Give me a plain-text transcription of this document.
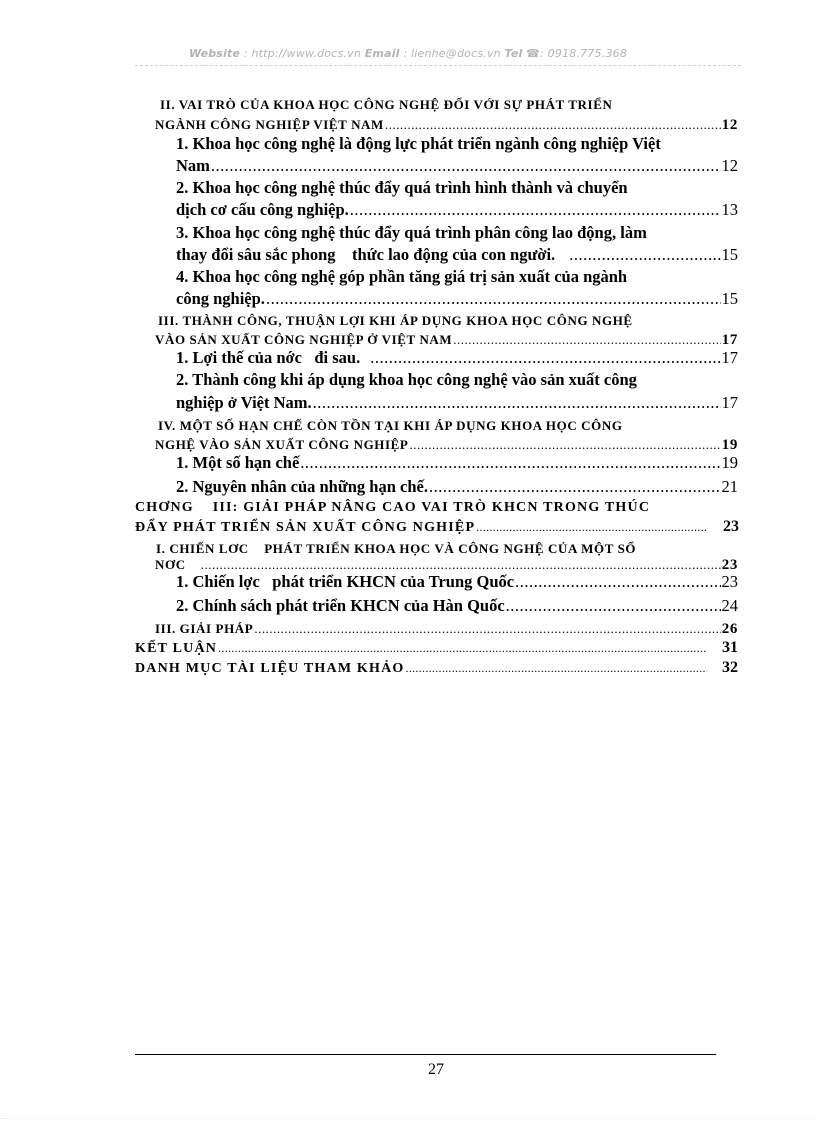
Website : http://www.docs.vn Email : lienhe@docs.vn Tel ☎: 0918.775.368
II. VAI TRÒ CỦA KHOA HỌC CÔNG NGHỆ ĐỐI VỚI SỰ PHÁT TRIỂN
NGÀNH CÔNG NGHIỆP VIỆT NAM .....	12
1. Khoa học công nghệ là động lực phát triển ngành công nghiệp Việt
Nam .....	12
2. Khoa học công nghệ thúc đẩy quá trình hình thành và chuyển
dịch cơ cấu công nghiệp. .....	13
3. Khoa học công nghệ thúc đẩy quá trình phân công lao động, làm
thay đổi sâu sắc phong    thức lao động của con người. .....	15
4. Khoa học công nghệ góp phần tăng giá trị sản xuất của ngành
công nghiệp. .....	15
III. THÀNH CÔNG, THUẬN LỢI KHI ÁP DỤNG KHOA HỌC CÔNG NGHỆ
VÀO SẢN XUẤT CÔNG NGHIỆP Ở VIỆT NAM .....	17
1. Lợi thế của nớc   đi sau. .....	17
2. Thành công khi áp dụng khoa học công nghệ vào sản xuất công
nghiệp ở Việt Nam. .....	17
IV. MỘT SỐ HẠN CHẾ CÒN TỒN TẠI KHI ÁP DỤNG KHOA HỌC CÔNG
NGHỆ VÀO SẢN XUẤT CÔNG NGHIỆP .....	19
1. Một số hạn chế .....	19
2. Nguyên nhân của những hạn chế. .....	21
CHƠNG    III: GIẢI PHÁP NÂNG CAO VAI TRÒ KHCN TRONG THÚC
ĐẨY PHÁT TRIỂN SẢN XUẤT CÔNG NGHIỆP .....	23
I. CHIẾN LƠC    PHÁT TRIỂN KHOA HỌC VÀ CÔNG NGHỆ CỦA MỘT SỐ
NƠC .....	23
1. Chiến lợc   phát triển KHCN của Trung Quốc .....	23
2. Chính sách phát triển KHCN của Hàn Quốc .....	24
III. GIẢI PHÁP .....	26
KẾT LUẬN .....	31
DANH MỤC TÀI LIỆU THAM KHẢO .....	32
27
